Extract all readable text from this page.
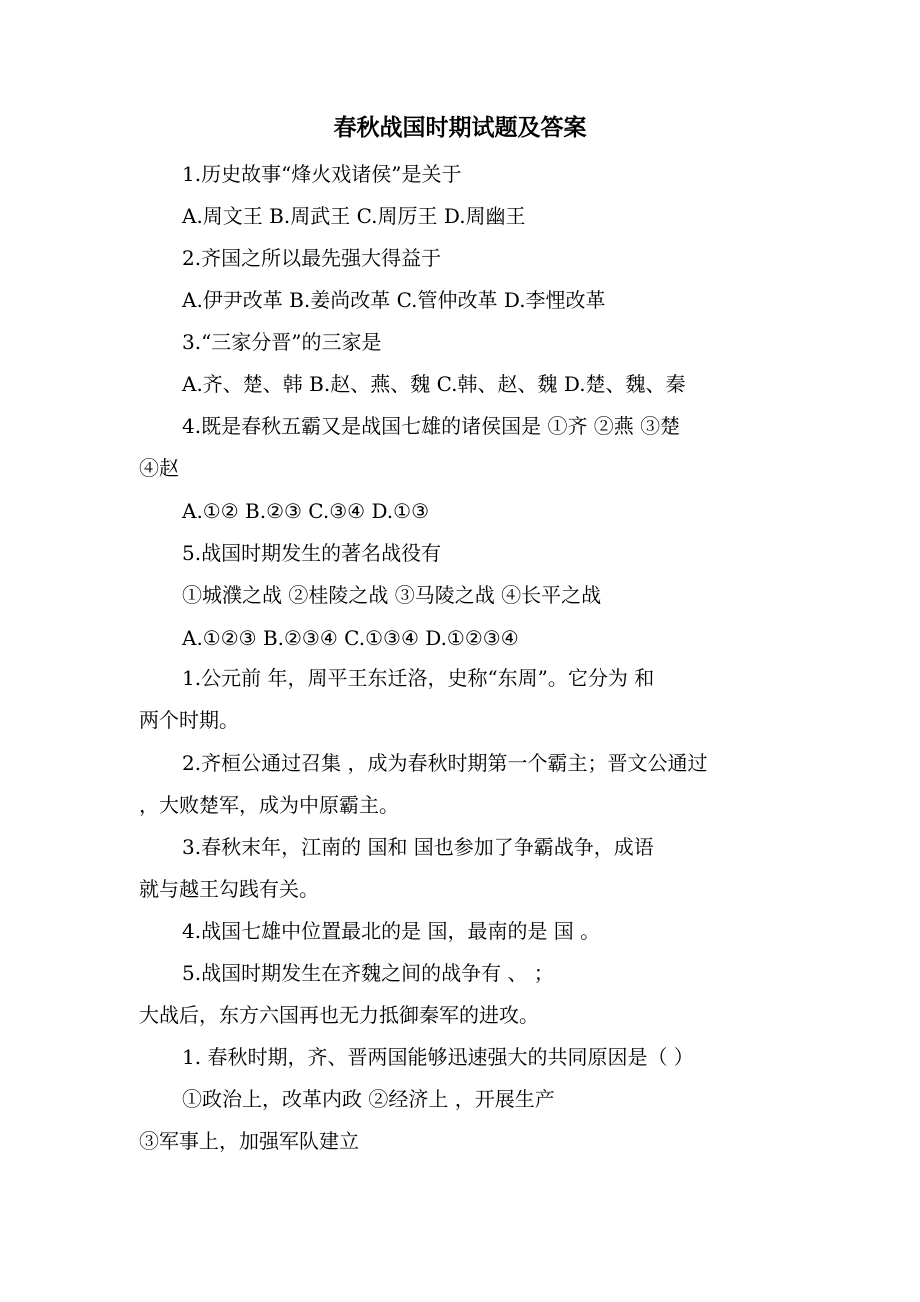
春秋战国时期试题及答案
1.历史故事“烽火戏诸侯”是关于
A.周文王 B.周武王 C.周厉王 D.周幽王
2.齐国之所以最先强大得益于
A.伊尹改革 B.姜尚改革 C.管仲改革 D.李悝改革
3.“三家分晋”的三家是
A.齐、楚、韩 B.赵、燕、魏 C.韩、赵、魏 D.楚、魏、秦
4.既是春秋五霸又是战国七雄的诸侯国是 ①齐 ②燕 ③楚
④赵
A.①② B.②③ C.③④ D.①③
5.战国时期发生的著名战役有
①城濮之战 ②桂陵之战 ③马陵之战 ④长平之战
A.①②③ B.②③④ C.①③④ D.①②③④
1.公元前 年，周平王东迁洛，史称“东周”。它分为 和
两个时期。
2.齐桓公通过召集 ，成为春秋时期第一个霸主；晋文公通过
，大败楚军，成为中原霸主。
3.春秋末年，江南的 国和 国也参加了争霸战争，成语
就与越王勾践有关。
4.战国七雄中位置最北的是 国，最南的是 国 。
5.战国时期发生在齐魏之间的战争有 、 ；
大战后，东方六国再也无力抵御秦军的进攻。
1. 春秋时期，齐、晋两国能够迅速强大的共同原因是（ ）
①政治上，改革内政 ②经济上 ，开展生产
③军事上，加强军队建立
